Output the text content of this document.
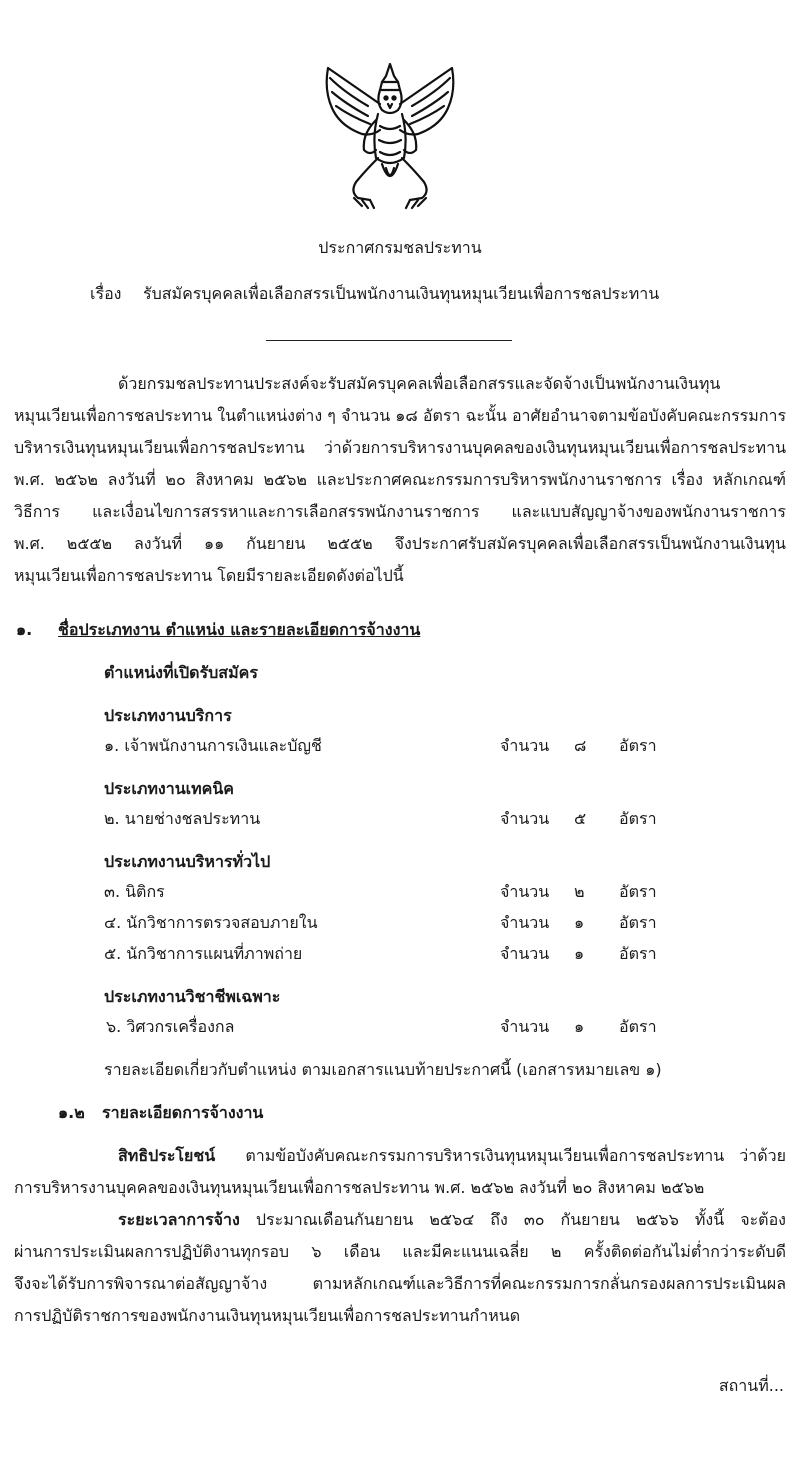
ประกาศกรมชลประทาน
เรื่อง รับสมัครบุคคลเพื่อเลือกสรรเป็นพนักงานเงินทุนหมุนเวียนเพื่อการชลประทาน
ด้วยกรมชลประทานประสงค์จะรับสมัครบุคคลเพื่อเลือกสรรและจัดจ้างเป็นพนักงานเงินทุน
หมุนเวียนเพื่อการชลประทาน ในตำแหน่งต่าง ๆ จำนวน ๑๘ อัตรา ฉะนั้น อาศัยอำนาจตามข้อบังคับคณะกรรมการ
บริหารเงินทุนหมุนเวียนเพื่อการชลประทาน ว่าด้วยการบริหารงานบุคคลของเงินทุนหมุนเวียนเพื่อการชลประทาน
พ.ศ. ๒๕๖๒ ลงวันที่ ๒๐ สิงหาคม ๒๕๖๒ และประกาศคณะกรรมการบริหารพนักงานราชการ เรื่อง หลักเกณฑ์
วิธีการ และเงื่อนไขการสรรหาและการเลือกสรรพนักงานราชการ และแบบสัญญาจ้างของพนักงานราชการ
พ.ศ. ๒๕๕๒ ลงวันที่ ๑๑ กันยายน ๒๕๕๒ จึงประกาศรับสมัครบุคคลเพื่อเลือกสรรเป็นพนักงานเงินทุน
หมุนเวียนเพื่อการชลประทาน โดยมีรายละเอียดดังต่อไปนี้
๑. ชื่อประเภทงาน ตำแหน่ง และรายละเอียดการจ้างงาน
ตำแหน่งที่เปิดรับสมัคร
ประเภทงานบริการ
๑. เจ้าพนักงานการเงินและบัญชี	จำนวน ๘ อัตรา
ประเภทงานเทคนิค
๒. นายช่างชลประทาน	จำนวน ๕ อัตรา
ประเภทงานบริหารทั่วไป
๓. นิติกร	จำนวน ๒ อัตรา
๔. นักวิชาการตรวจสอบภายใน	จำนวน ๑ อัตรา
๕. นักวิชาการแผนที่ภาพถ่าย	จำนวน ๑ อัตรา
ประเภทงานวิชาชีพเฉพาะ
๖. วิศวกรเครื่องกล	จำนวน ๑ อัตรา
รายละเอียดเกี่ยวกับตำแหน่ง ตามเอกสารแนบท้ายประกาศนี้ (เอกสารหมายเลข ๑)
๑.๒ รายละเอียดการจ้างงาน
สิทธิประโยชน์ ตามข้อบังคับคณะกรรมการบริหารเงินทุนหมุนเวียนเพื่อการชลประทาน ว่าด้วย
การบริหารงานบุคคลของเงินทุนหมุนเวียนเพื่อการชลประทาน พ.ศ. ๒๕๖๒ ลงวันที่ ๒๐ สิงหาคม ๒๕๖๒
ระยะเวลาการจ้าง ประมาณเดือนกันยายน ๒๕๖๔ ถึง ๓๐ กันยายน ๒๕๖๖ ทั้งนี้ จะต้อง
ผ่านการประเมินผลการปฏิบัติงานทุกรอบ ๖ เดือน และมีคะแนนเฉลี่ย ๒ ครั้งติดต่อกันไม่ต่ำกว่าระดับดี
จึงจะได้รับการพิจารณาต่อสัญญาจ้าง ตามหลักเกณฑ์และวิธีการที่คณะกรรมการกลั่นกรองผลการประเมินผล
การปฏิบัติราชการของพนักงานเงินทุนหมุนเวียนเพื่อการชลประทานกำหนด
สถานที่...
